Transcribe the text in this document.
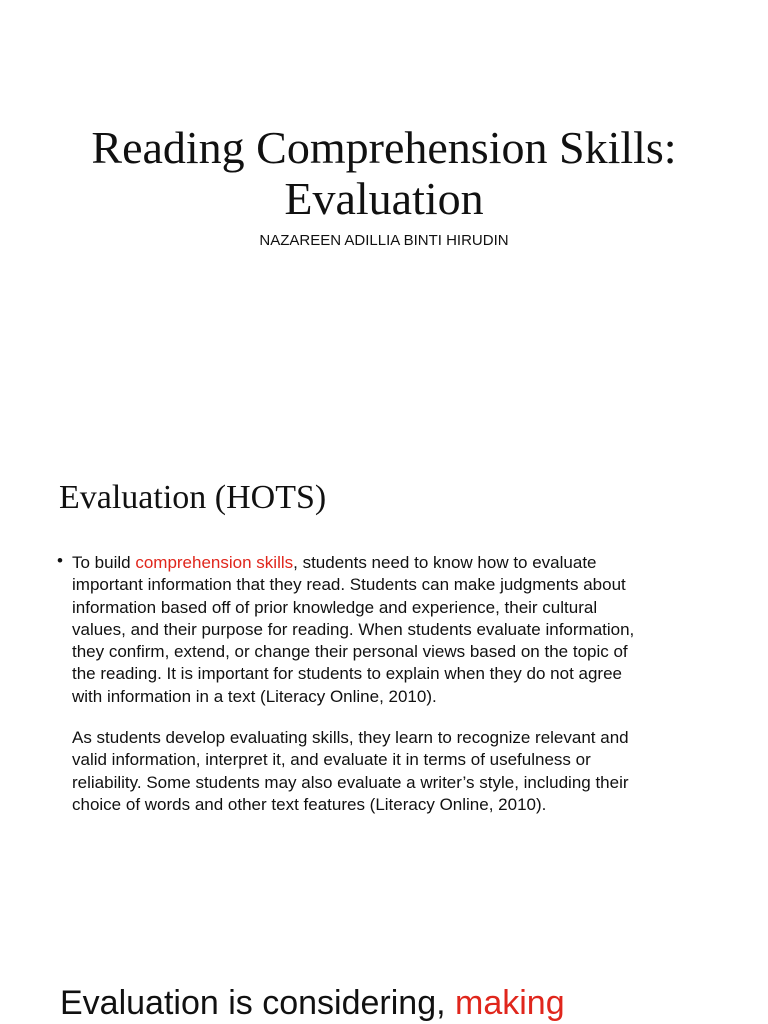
Reading Comprehension Skills:
Evaluation
NAZAREEN ADILLIA BINTI HIRUDIN
Evaluation (HOTS)
• To build comprehension skills, students need to know how to evaluate
important information that they read. Students can make judgments about
information based off of prior knowledge and experience, their cultural
values, and their purpose for reading. When students evaluate information,
they confirm, extend, or change their personal views based on the topic of
the reading. It is important for students to explain when they do not agree
with information in a text (Literacy Online, 2010).
As students develop evaluating skills, they learn to recognize relevant and
valid information, interpret it, and evaluate it in terms of usefulness or
reliability. Some students may also evaluate a writer’s style, including their
choice of words and other text features (Literacy Online, 2010).
Evaluation is considering, making
